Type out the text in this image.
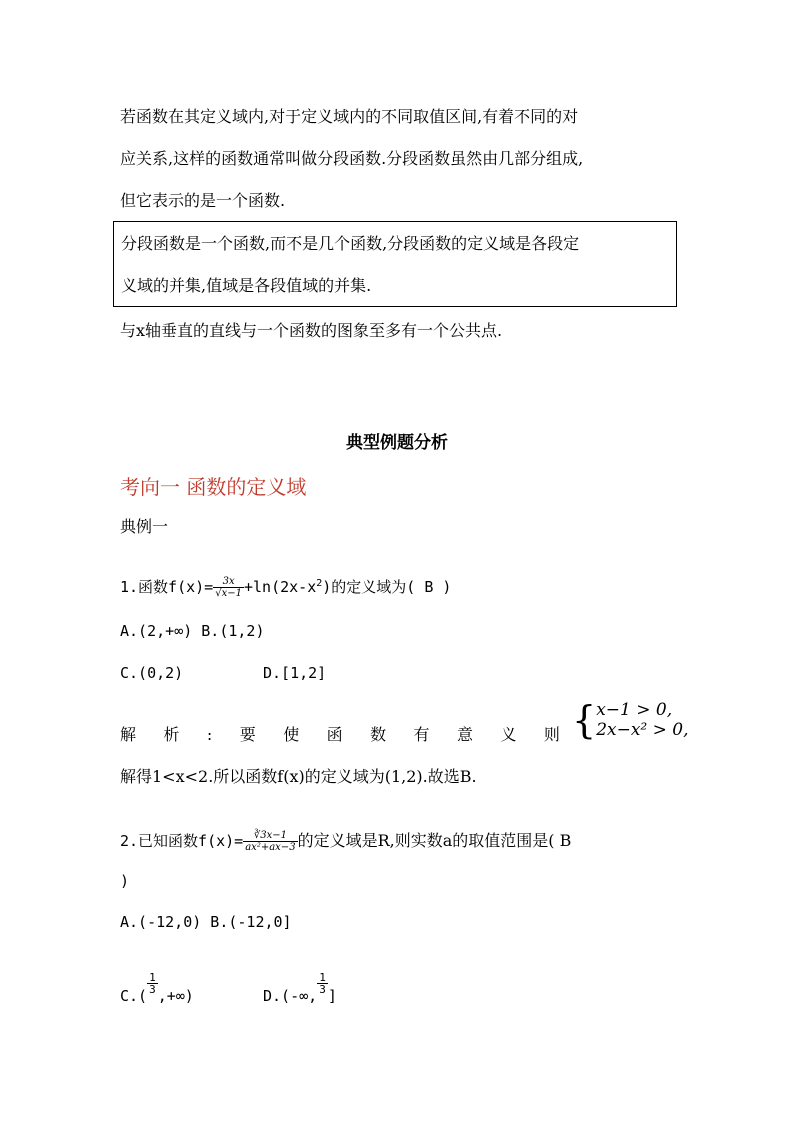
若函数在其定义域内,对于定义域内的不同取值区间,有着不同的对
应关系,这样的函数通常叫做分段函数.分段函数虽然由几部分组成,
但它表示的是一个函数.
分段函数是一个函数,而不是几个函数,分段函数的定义域是各段定
义域的并集,值域是各段值域的并集.
与x轴垂直的直线与一个函数的图象至多有一个公共点.
典型例题分析
考向一 函数的定义域
典例一
1.函数$f(x)= \frac{3x}{√x-1} +\ln(2x-x^2)$的定义域为( B )
A.(2,+∞) B.(1,2)
C.(0,2)	D.[1,2]
解 析 : 要 使 函 数 有 意 义 则 { x−1 > 0,
2x−x² > 0,
解得1<x<2.所以函数f(x)的定义域为(1,2).故选B.
2.已知函数$f(x)= \frac{∛3x-1}{\text{ax²+ax−3}}$ 的定义域是R,则实数a的取值范围是( B
)
A.(-12,0) B.(-12,0]
C.(
$\frac{1}{3}$
,+∞)	D.(-∞,
$\frac{1}{3}$
]
